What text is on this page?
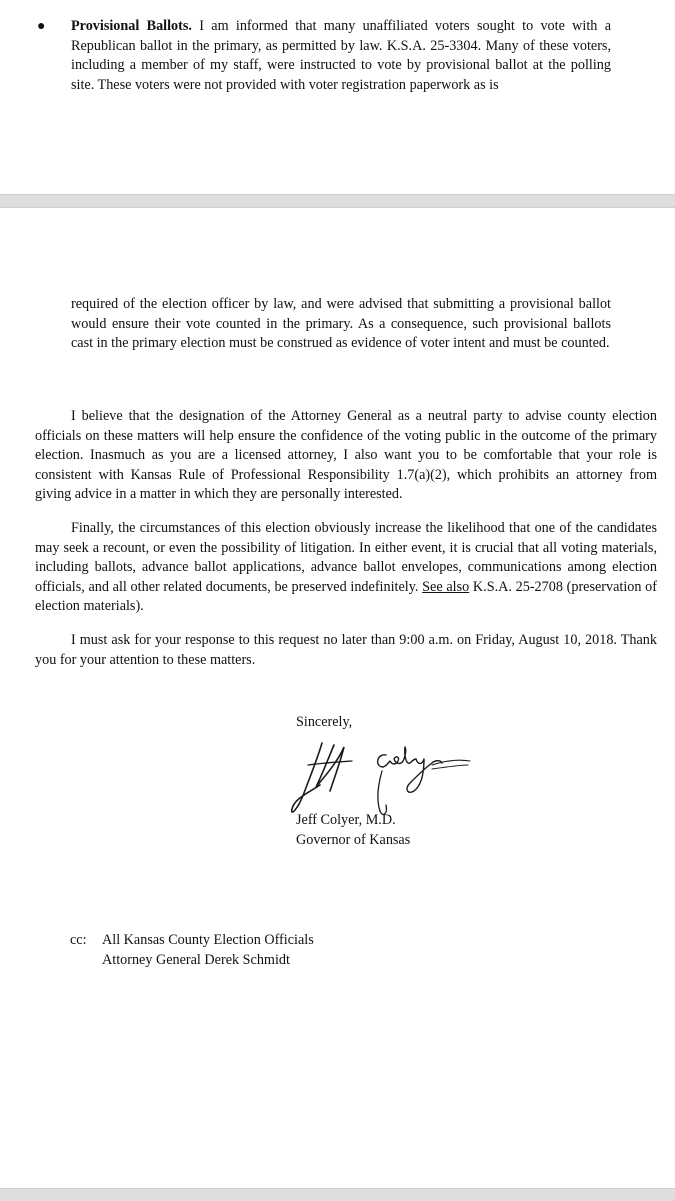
●	Provisional Ballots. I am informed that many unaffiliated voters sought to vote with a Republican ballot in the primary, as permitted by law. K.S.A. 25-3304. Many of these voters, including a member of my staff, were instructed to vote by provisional ballot at the polling site. These voters were not provided with voter registration paperwork as is
required of the election officer by law, and were advised that submitting a provisional ballot would ensure their vote counted in the primary. As a consequence, such provisional ballots cast in the primary election must be construed as evidence of voter intent and must be counted.
I believe that the designation of the Attorney General as a neutral party to advise county election officials on these matters will help ensure the confidence of the voting public in the outcome of the primary election. Inasmuch as you are a licensed attorney, I also want you to be comfortable that your role is consistent with Kansas Rule of Professional Responsibility 1.7(a)(2), which prohibits an attorney from giving advice in a matter in which they are personally interested.
Finally, the circumstances of this election obviously increase the likelihood that one of the candidates may seek a recount, or even the possibility of litigation. In either event, it is crucial that all voting materials, including ballots, advance ballot applications, advance ballot envelopes, communications among election officials, and all other related documents, be preserved indefinitely. See also K.S.A. 25-2708 (preservation of election materials).
I must ask for your response to this request no later than 9:00 a.m. on Friday, August 10, 2018. Thank you for your attention to these matters.
Sincerely,
Jeff Colyer, M.D.
Governor of Kansas
cc: All Kansas County Election Officials
Attorney General Derek Schmidt
